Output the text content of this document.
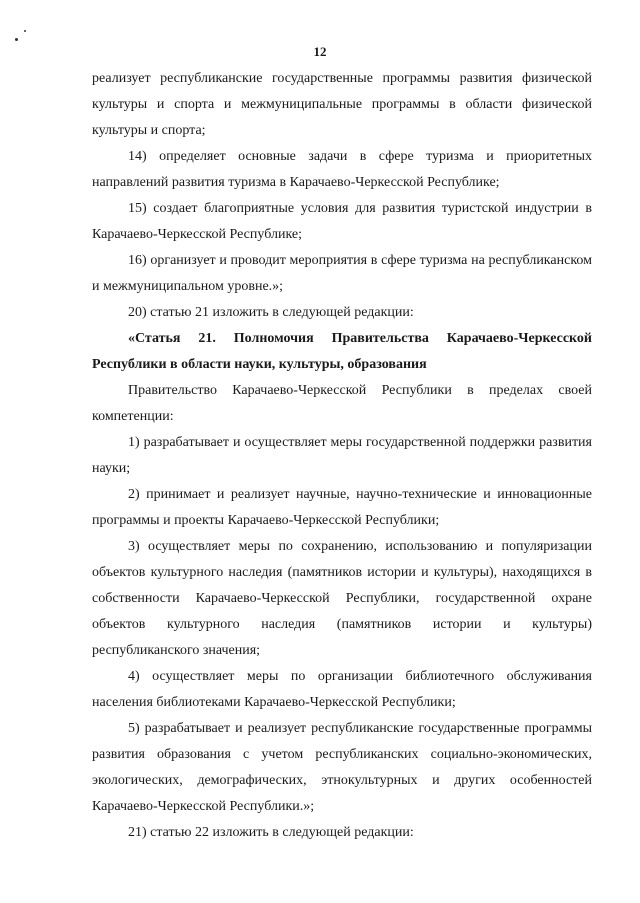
12

реализует республиканские государственные программы развития физической культуры и спорта и межмуниципальные программы в области физической культуры и спорта;

14) определяет основные задачи в сфере туризма и приоритетных направлений развития туризма в Карачаево-Черкесской Республике;

15) создает благоприятные условия для развития туристской индустрии в Карачаево-Черкесской Республике;

16) организует и проводит мероприятия в сфере туризма на республиканском и межмуниципальном уровне.»;

20) статью 21 изложить в следующей редакции:

«Статья 21. Полномочия Правительства Карачаево-Черкесской Республики в области науки, культуры, образования

Правительство Карачаево-Черкесской Республики в пределах своей компетенции:

1) разрабатывает и осуществляет меры государственной поддержки развития науки;

2) принимает и реализует научные, научно-технические и инновационные программы и проекты Карачаево-Черкесской Республики;

3) осуществляет меры по сохранению, использованию и популяризации объектов культурного наследия (памятников истории и культуры), находящихся в собственности Карачаево-Черкесской Республики, государственной охране объектов культурного наследия (памятников истории и культуры) республиканского значения;

4) осуществляет меры по организации библиотечного обслуживания населения библиотеками Карачаево-Черкесской Республики;

5) разрабатывает и реализует республиканские государственные программы развития образования с учетом республиканских социально-экономических, экологических, демографических, этнокультурных и других особенностей Карачаево-Черкесской Республики.»;

21) статью 22 изложить в следующей редакции:
